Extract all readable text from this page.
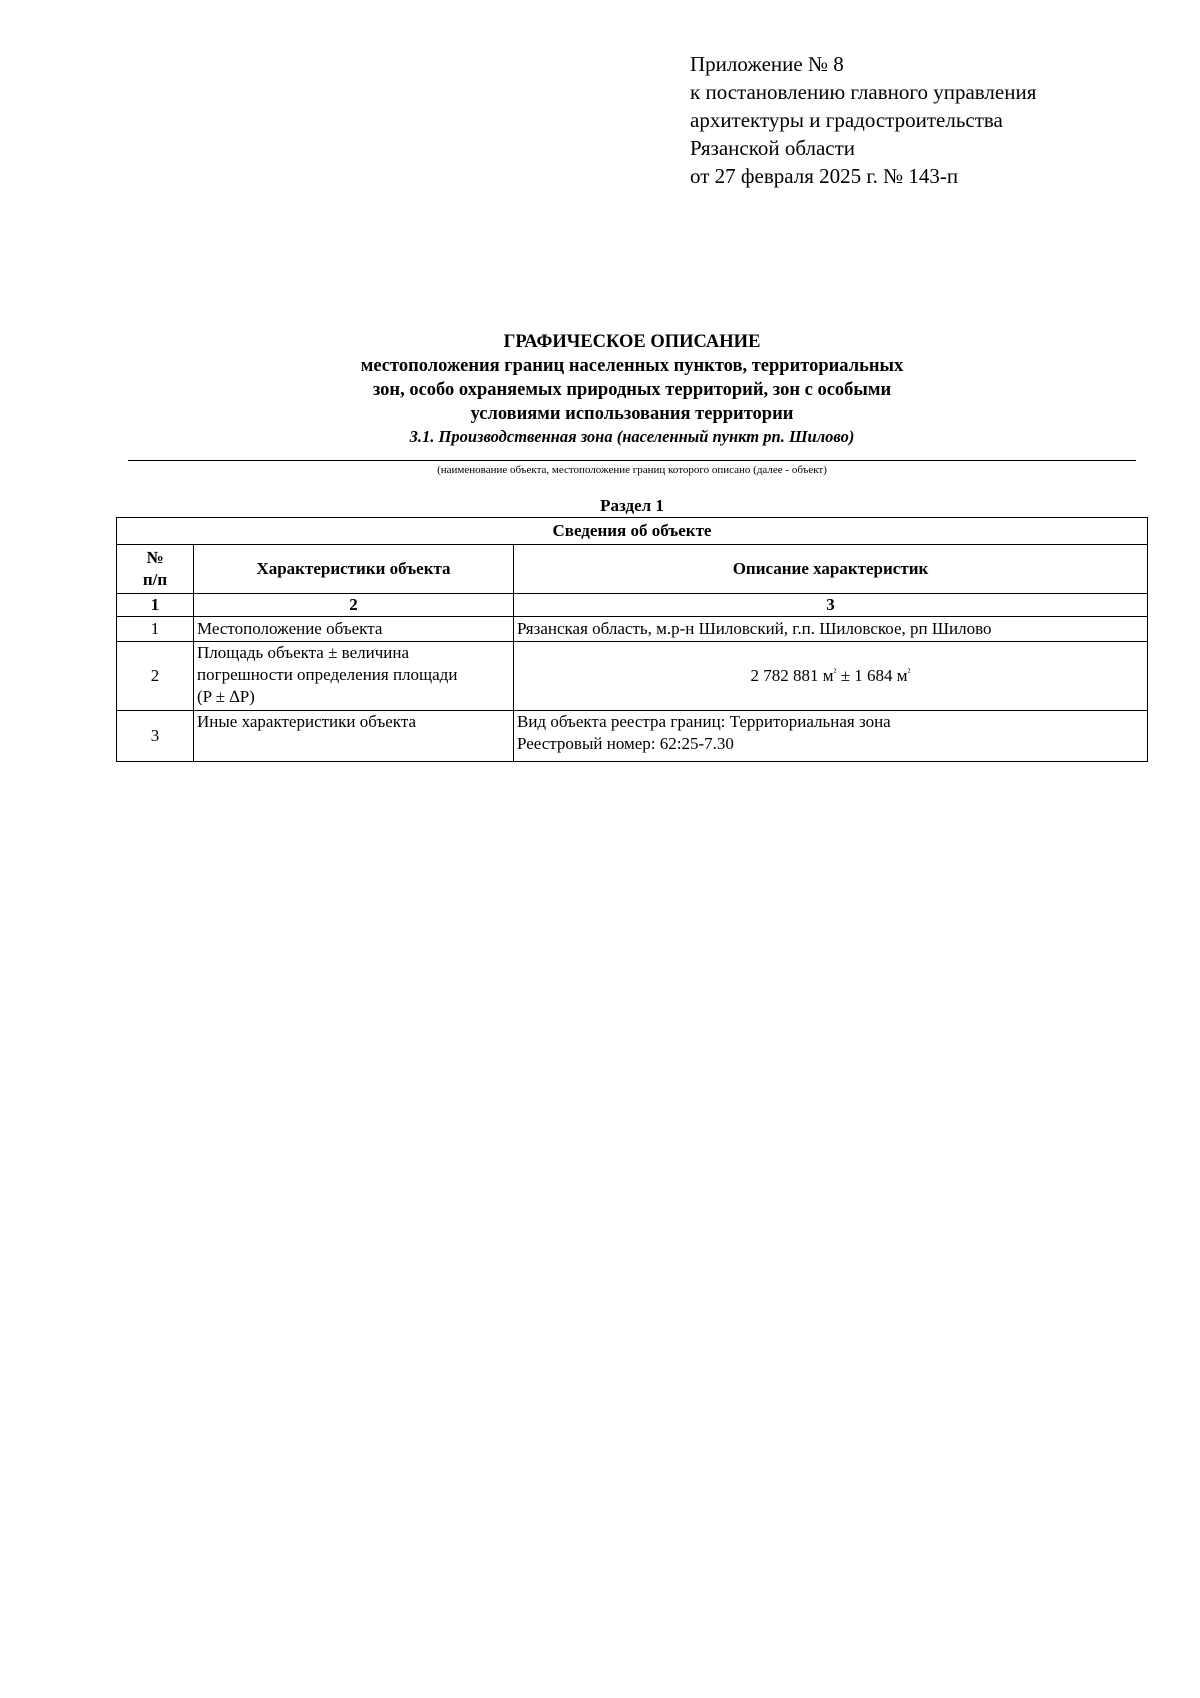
Приложение № 8
к постановлению главного управления
архитектуры и градостроительства
Рязанской области
от 27 февраля 2025 г. № 143-п
ГРАФИЧЕСКОЕ ОПИСАНИЕ
местоположения границ населенных пунктов, территориальных
зон, особо охраняемых природных территорий, зон с особыми
условиями использования территории
3.1. Производственная зона (населенный пункт рп. Шилово)
(наименование объекта, местоположение границ которого описано (далее - объект)
Раздел 1
Сведения об объекте		

№
п/п	Характеристики объекта	Описание характеристик
1	2	3
1	Местоположение объекта	Рязанская область, м.р-н Шиловский, г.п. Шиловское, рп Шилово
2	Площадь объекта ± величина
погрешности определения площади
(P ± ∆P)	2 782 881 $м^{^2} \pm 1$ 684 $м^{^2}$
3	Иные характеристики объекта	Вид объекта реестра границ: Территориальная зона
Реестровый номер: 62:25-7.30
